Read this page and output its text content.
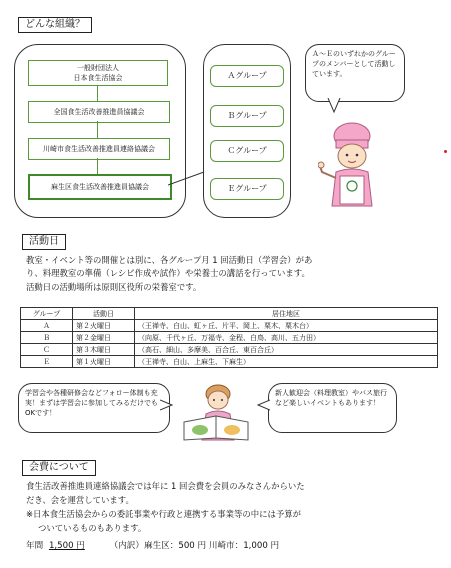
どんな組織？
一般財団法人
日本食生活協会
全国食生活改善推進員協議会
川崎市食生活改善推進員連絡協議会
麻生区食生活改善推進員協議会
Ａグループ
Ｂグループ
Ｃグループ
Ｅグループ
Ａ～Ｅのいずれかのグループのメンバーとして活動しています。
活動日
教室・イベント等の開催とは別に、各グループ月 1 回活動日（学習会）があ
り、料理教室の準備（レシピ作成や試作）や栄養士の講話を行っています。
活動日の活動場所は原則区役所の栄養室です。
グループ	活動日	居住地区
Ａ	第２火曜日	（王禅寺、白山、虹ヶ丘、片平、岡上、栗木、栗木台）
Ｂ	第２金曜日	（向原、千代ヶ丘、万福寺、金程、白鳥、高川、五力田）
Ｃ	第３木曜日	（高石、細山、多摩美、百合丘、東百合丘）
Ｅ	第１火曜日	（王禅寺、白山、上麻生、下麻生）
学習会や各種研修会などフォロー体制も充実！まずは学習会に参加してみるだけでもOKです！
新人歓迎会（料理教室）やバス旅行など楽しいイベントもあります！
会費について
食生活改善推進員連絡協議会では年に 1 回会費を会員のみなさんからいた
だき、会を運営しています。
※日本食生活協会からの委託事業や行政と連携する事業等の中には予算が
ついているものもあります。
年間 1,500 円	（内訳）麻生区：500 円 川崎市：1,000 円
